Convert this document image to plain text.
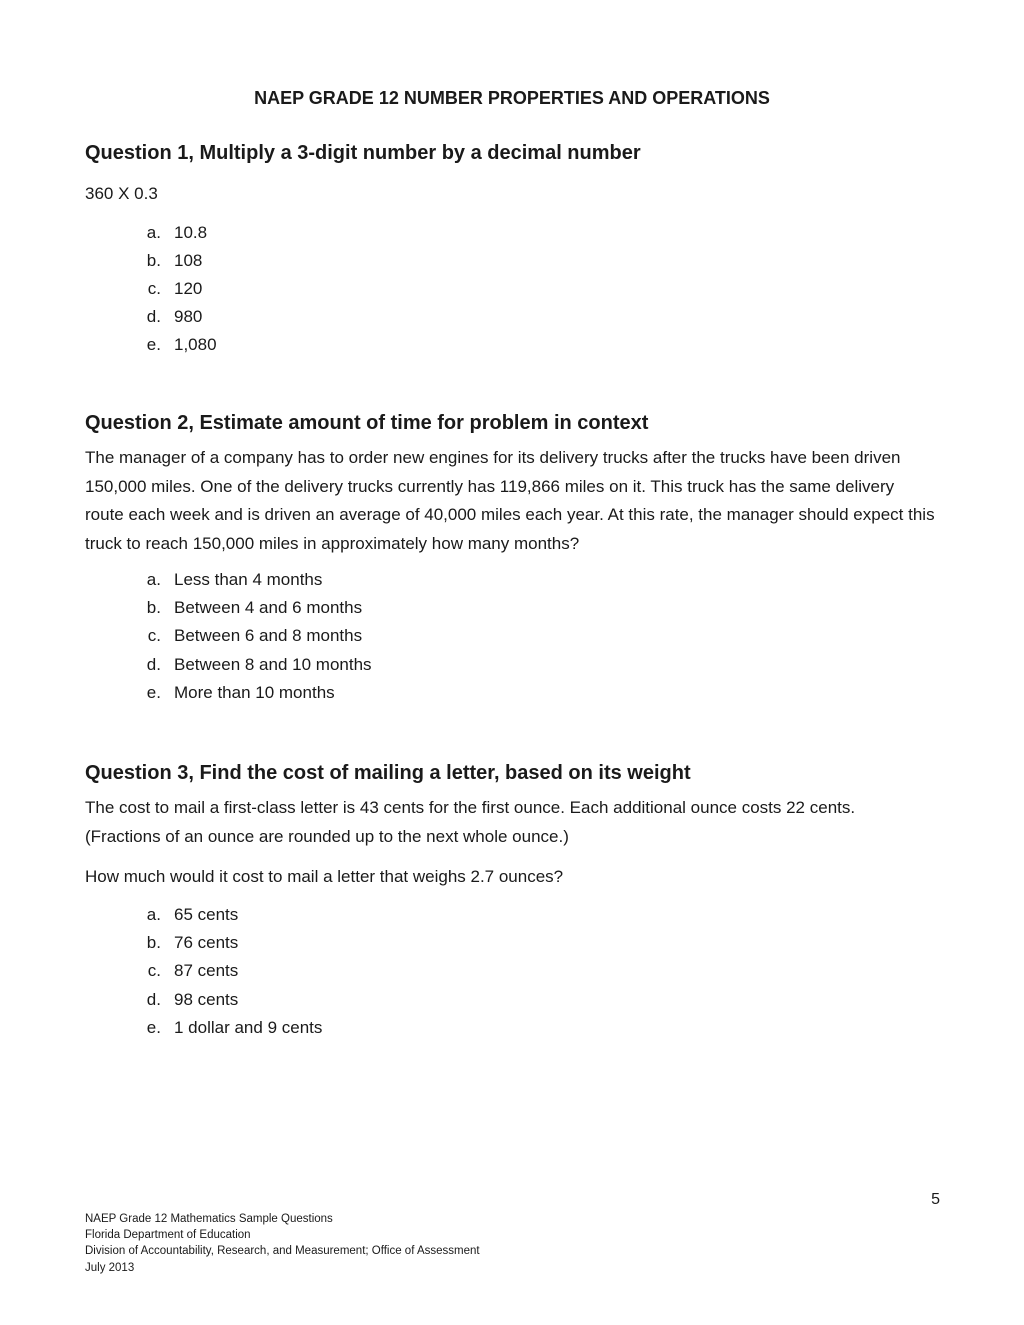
NAEP GRADE 12 NUMBER PROPERTIES AND OPERATIONS
Question 1, Multiply a 3-digit number by a decimal number

360 X 0.3

a . 10.8
b . 108
c . 120
d . 980
e . 1,080
Question 2, Estimate amount of time for problem in context

The manager of a company has to order new engines for its delivery trucks after the trucks have been driven 150,000 miles. One of the delivery trucks currently has 119,866 miles on it. This truck has the same delivery route each week and is driven an average of 40,000 miles each year. At this rate, the manager should expect this truck to reach 150,000 miles in approximately how many months?

a . Less than 4 months
b . Between 4 and 6 months
c . Between 6 and 8 months
d . Between 8 and 10 months
e . More than 10 months
Question 3, Find the cost of mailing a letter, based on its weight

The cost to mail a first-class letter is 43 cents for the first ounce. Each additional ounce costs 22 cents. (Fractions of an ounce are rounded up to the next whole ounce.)

How much would it cost to mail a letter that weighs 2.7 ounces?

a . 65 cents
b . 76 cents
c . 87 cents
d . 98 cents
e . 1 dollar and 9 cents
5
NAEP Grade 12 Mathematics Sample Questions
Florida Department of Education
Division of Accountability, Research, and Measurement; Office of Assessment
July 2013
